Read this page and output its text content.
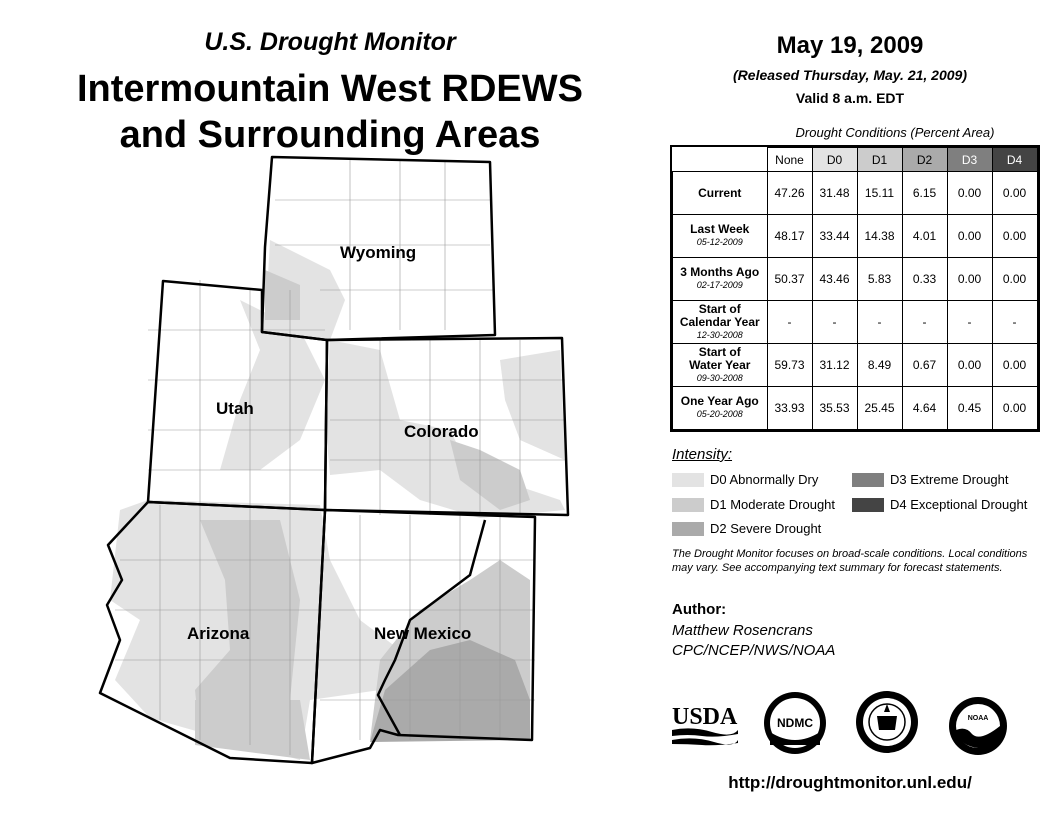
U.S. Drought Monitor
Intermountain West RDEWS
and Surrounding Areas
Wyoming
Utah
Colorado
Arizona	New Mexico
May 19, 2009
(Released Thursday, May. 21, 2009)
Valid 8 a.m. EDT
Drought Conditions (Percent Area)
	None	D0	D1	D2	D3	D4
Current	47.26	31.48	15.11	6.15	0.00	0.00
Last Week
05-12-2009	48.17	33.44	14.38	4.01	0.00	0.00
3 Months Ago
02-17-2009	50.37	43.46	5.83	0.33	0.00	0.00

Start of
Calendar Year
12-30-2008	-	-	-	-	-	-

Start of
Water Year
09-30-2008	59.73	31.12	8.49	0.67	0.00	0.00
One Year Ago
05-20-2008	33.93	35.53	25.45	4.64	0.45	0.00
Intensity:
D0 Abnormally Dry
D1 Moderate Drought
D2 Severe Drought
D3 Extreme Drought
D4 Exceptional Drought
The Drought Monitor focuses on broad-scale conditions. Local conditions may vary. See accompanying text summary for forecast statements.
Author:
Matthew Rosencrans
CPC/NCEP/NWS/NOAA
USDA	NDMC	NOAA
http://droughtmonitor.unl.edu/
